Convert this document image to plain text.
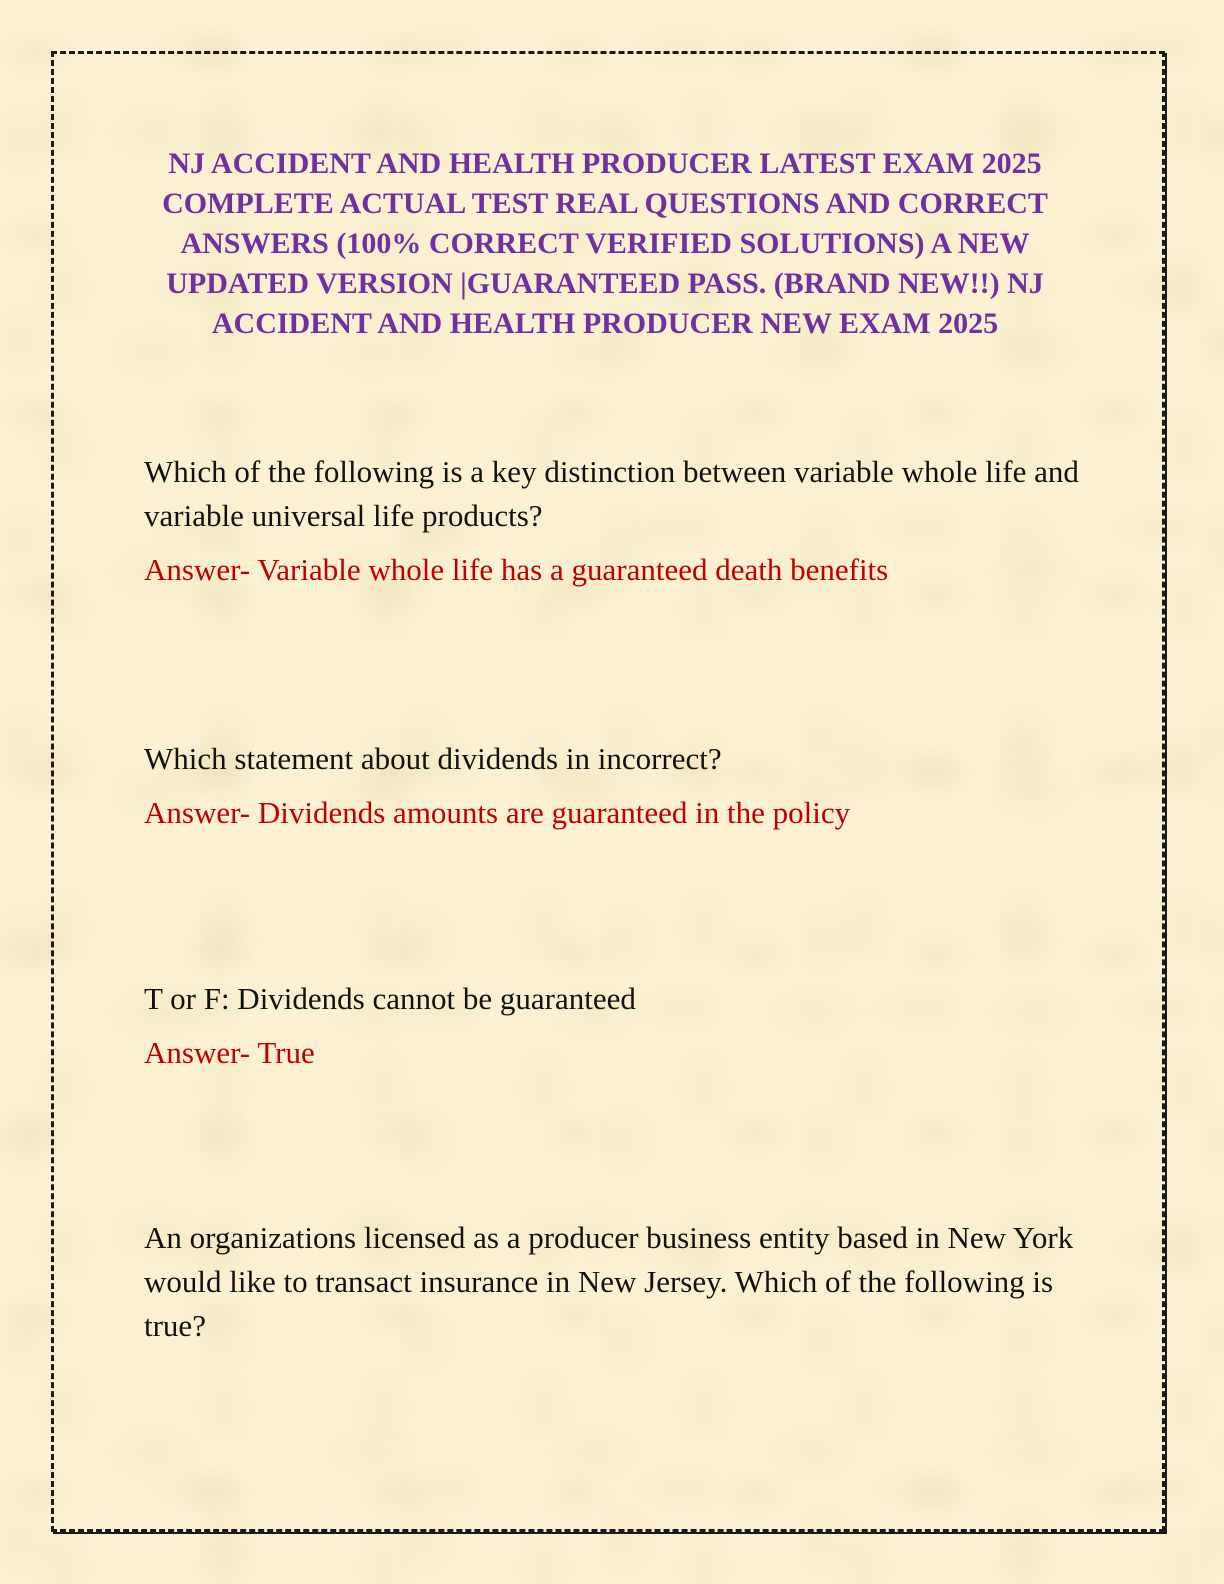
NJ ACCIDENT AND HEALTH PRODUCER LATEST EXAM 2025 COMPLETE ACTUAL TEST REAL QUESTIONS AND CORRECT ANSWERS (100% CORRECT VERIFIED SOLUTIONS) A NEW UPDATED VERSION |GUARANTEED PASS. (BRAND NEW!!) NJ ACCIDENT AND HEALTH PRODUCER NEW EXAM 2025

Which of the following is a key distinction between variable whole life and variable universal life products?

Answer- Variable whole life has a guaranteed death benefits

Which statement about dividends in incorrect?

Answer- Dividends amounts are guaranteed in the policy

T or F: Dividends cannot be guaranteed

Answer- True

An organizations licensed as a producer business entity based in New York would like to transact insurance in New Jersey. Which of the following is true?
